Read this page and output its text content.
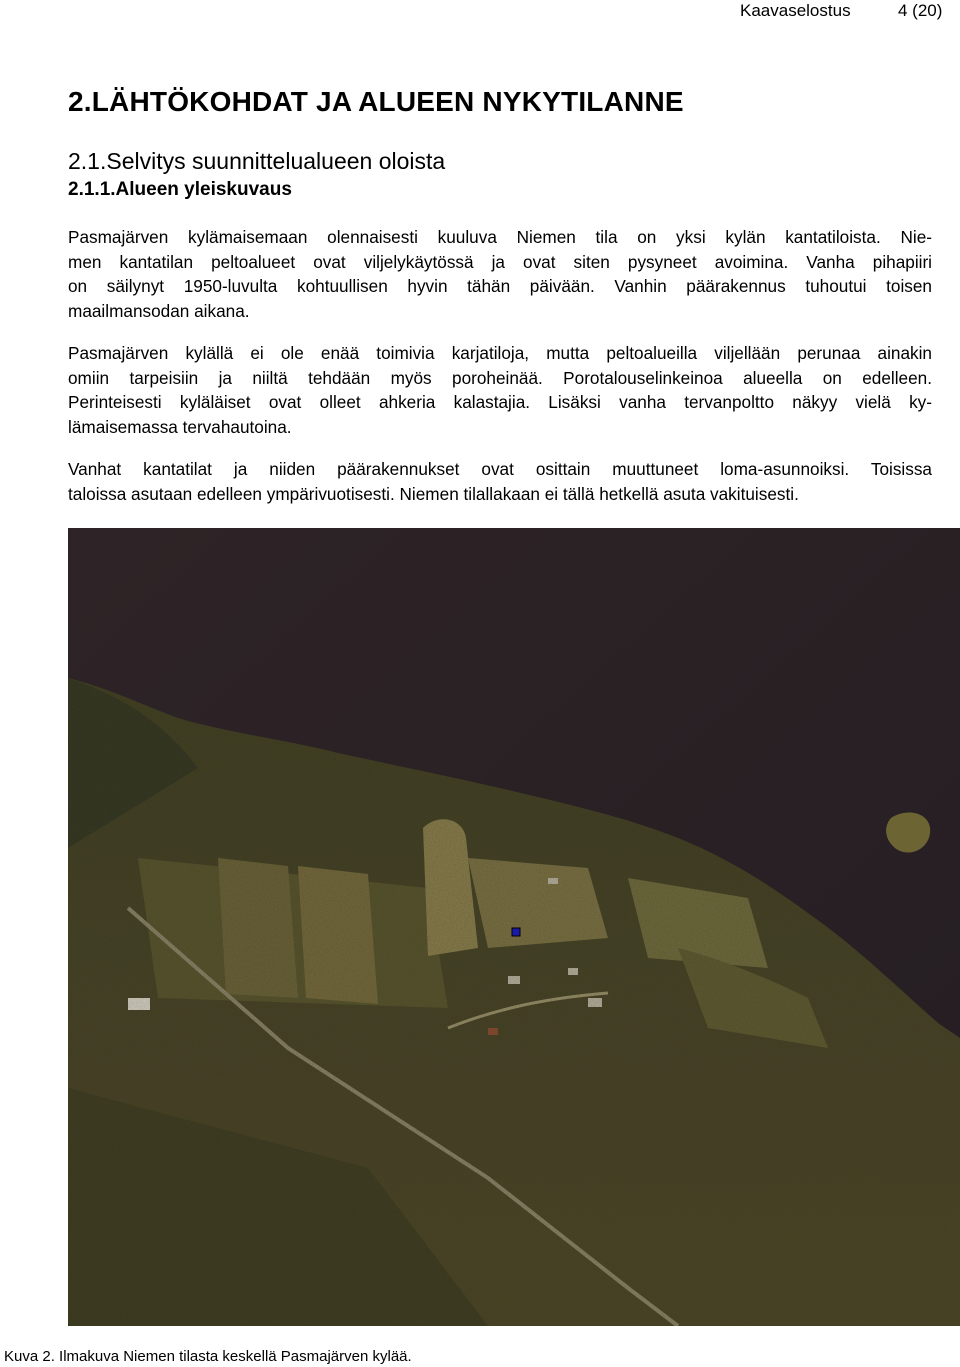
Kaavaselostus	4 (20)
2.LÄHTÖKOHDAT JA ALUEEN NYKYTILANNE
2.1.Selvitys suunnittelualueen oloista
2.1.1.Alueen yleiskuvaus

Pasmajärven kylämaisemaan olennaisesti kuuluva Niemen tila on yksi kylän kantatiloista. Nie-
men kantatilan peltoalueet ovat viljelykäytössä ja ovat siten pysyneet avoimina. Vanha pihapiiri
on säilynyt 1950-luvulta kohtuullisen hyvin tähän päivään. Vanhin päärakennus tuhoutui toisen
maailmansodan aikana.

Pasmajärven kylällä ei ole enää toimivia karjatiloja, mutta peltoalueilla viljellään perunaa ainakin
omiin tarpeisiin ja niiltä tehdään myös poroheinää. Porotalouselinkeinoa alueella on edelleen.
Perinteisesti kyläläiset ovat olleet ahkeria kalastajia. Lisäksi vanha tervanpoltto näkyy vielä ky-
lämaisemassa tervahautoina.

Vanhat kantatilat ja niiden päärakennukset ovat osittain muuttuneet loma-asunnoiksi. Toisissa
taloissa asutaan edelleen ympärivuotisesti. Niemen tilallakaan ei tällä hetkellä asuta vakituisesti.

Kuva 2. Ilmakuva Niemen tilasta keskellä Pasmajärven kylää.
